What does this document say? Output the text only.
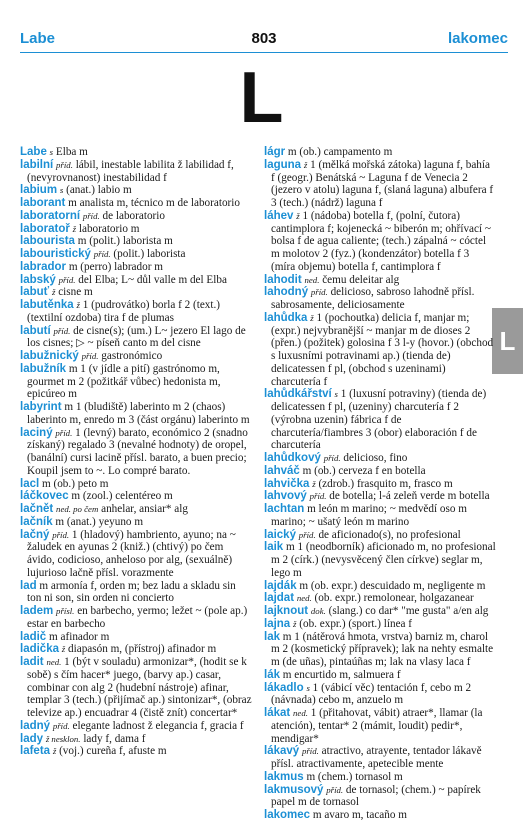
Labe	803	lakomec
L
L

Labe s Elba m

labilní příd. lábil, inestable labilita ž labilidad f, (nevyrovnanost) inestabilidad f

labium s (anat.) labio m

laborant m analista m, técnico m de laboratorio

laboratorní příd. de laboratorio

laboratoř ž laboratorio m

labourista m (polit.) laborista m

labouristický příd. (polit.) laborista

labrador m (perro) labrador m

labský příd. del Elba; L~ důl valle m del Elba

labuť ž cisne m

labutěnka ž 1 (pudrovátko) borla f 2 (text.) (textilní ozdoba) tira f de plumas

labutí příd. de cisne(s); (um.) L~ jezero El lago de los cisnes; ▷ ~ píseň canto m del cisne

labužnický příd. gastronómico

labužník m 1 (v jídle a pití) gastrónomo m, gourmet m 2 (požitkář vůbec) hedonista m, epicúreo m

labyrint m 1 (bludiště) laberinto m 2 (chaos) laberinto m, enredo m 3 (část orgánu) laberinto m

laciný příd. 1 (levný) barato, económico 2 (snadno získaný) regalado 3 (nevalné hodnoty) de oropel, (banální) cursi lacině přísl. barato, a buen precio; Koupil jsem to ~. Lo compré barato.

lacl m (ob.) peto m

láčkovec m (zool.) celentéreo m

lačnět ned. po čem anhelar, ansiar* alg

lačník m (anat.) yeyuno m

lačný příd. 1 (hladový) hambriento, ayuno; na ~ žaludek en ayunas 2 (kniž.) (chtivý) po čem ávido, codicioso, anheloso por alg, (sexuálně) lujurioso lačně přísl. vorazmente

lad m armonía f, orden m; bez ladu a skladu sin ton ni son, sin orden ni concierto

ladem přísl. en barbecho, yermo; ležet ~ (pole ap.) estar en barbecho

ladič m afinador m

ladička ž diapasón m, (přístroj) afinador m

ladit ned. 1 (být v souladu) armonizar*, (hodit se k sobě) s čím hacer* juego, (barvy ap.) casar, combinar con alg 2 (hudební nástroje) afinar, templar 3 (tech.) (přijímač ap.) sintonizar*, (obraz televize ap.) encuadrar 4 (čistě znít) concertar*

ladný příd. elegante ladnost ž elegancia f, gracia f

lady ž nesklon. lady f, dama f

lafeta ž (voj.) cureña f, afuste m

lágr m (ob.) campamento m

laguna ž 1 (mělká mořská zátoka) laguna f, bahía f (geogr.) Benátská ~ Laguna f de Venecia 2 (jezero v atolu) laguna f, (slaná laguna) albufera f 3 (tech.) (nádrž) laguna f

láhev ž 1 (nádoba) botella f, (polní, čutora) cantimplora f; kojenecká ~ biberón m; ohřívací ~ bolsa f de agua caliente; (tech.) zápalná ~ cóctel m molotov 2 (fyz.) (kondenzátor) botella f 3 (míra objemu) botella f, cantimplora f

lahodit ned. čemu deleitar alg

lahodný příd. delicioso, sabroso lahodně přísl. sabrosamente, deliciosamente

lahůdka ž 1 (pochoutka) delicia f, manjar m; (expr.) nejvybranější ~ manjar m de dioses 2 (přen.) (požitek) golosina f 3 l-y (hovor.) (obchod s luxusními potravinami ap.) (tienda de) delicatessen f pl, (obchod s uzeninami) charcutería f

lahůdkářství s 1 (luxusní potraviny) (tienda de) delicatessen f pl, (uzeniny) charcutería f 2 (výrobna uzenin) fábrica f de charcutería/fiambres 3 (obor) elaboración f de charcutería

lahůdkový příd. delicioso, fino

lahváč m (ob.) cerveza f en botella

lahvička ž (zdrob.) frasquito m, frasco m

lahvový příd. de botella; l-á zeleň verde m botella

lachtan m león m marino; ~ medvědí oso m marino; ~ ušatý león m marino

laický příd. de aficionado(s), no profesional

laik m 1 (neodborník) aficionado m, no profesional m 2 (círk.) (nevysvěcený člen církve) seglar m, lego m

lajdák m (ob. expr.) descuidado m, negligente m

lajdat ned. (ob. expr.) remolonear, holgazanear

lajknout dok. (slang.) co dar* "me gusta" a/en alg

lajna ž (ob. expr.) (sport.) línea f

lak m 1 (nátěrová hmota, vrstva) barniz m, charol m 2 (kosmetický přípravek); lak na nehty esmalte m (de uñas), pintaúñas m; lak na vlasy laca f

lák m encurtido m, salmuera f

lákadlo s 1 (vábicí věc) tentación f, cebo m 2 (návnada) cebo m, anzuelo m

lákat ned. 1 (přitahovat, vábit) atraer*, llamar (la atención), tentar* 2 (mámit, loudit) pedir*, mendigar*

lákavý příd. atractivo, atrayente, tentador lákavě přísl. atractivamente, apetecible mente

lakmus m (chem.) tornasol m

lakmusový příd. de tornasol; (chem.) ~ papírek papel m de tornasol

lakomec m avaro m, tacaño m
